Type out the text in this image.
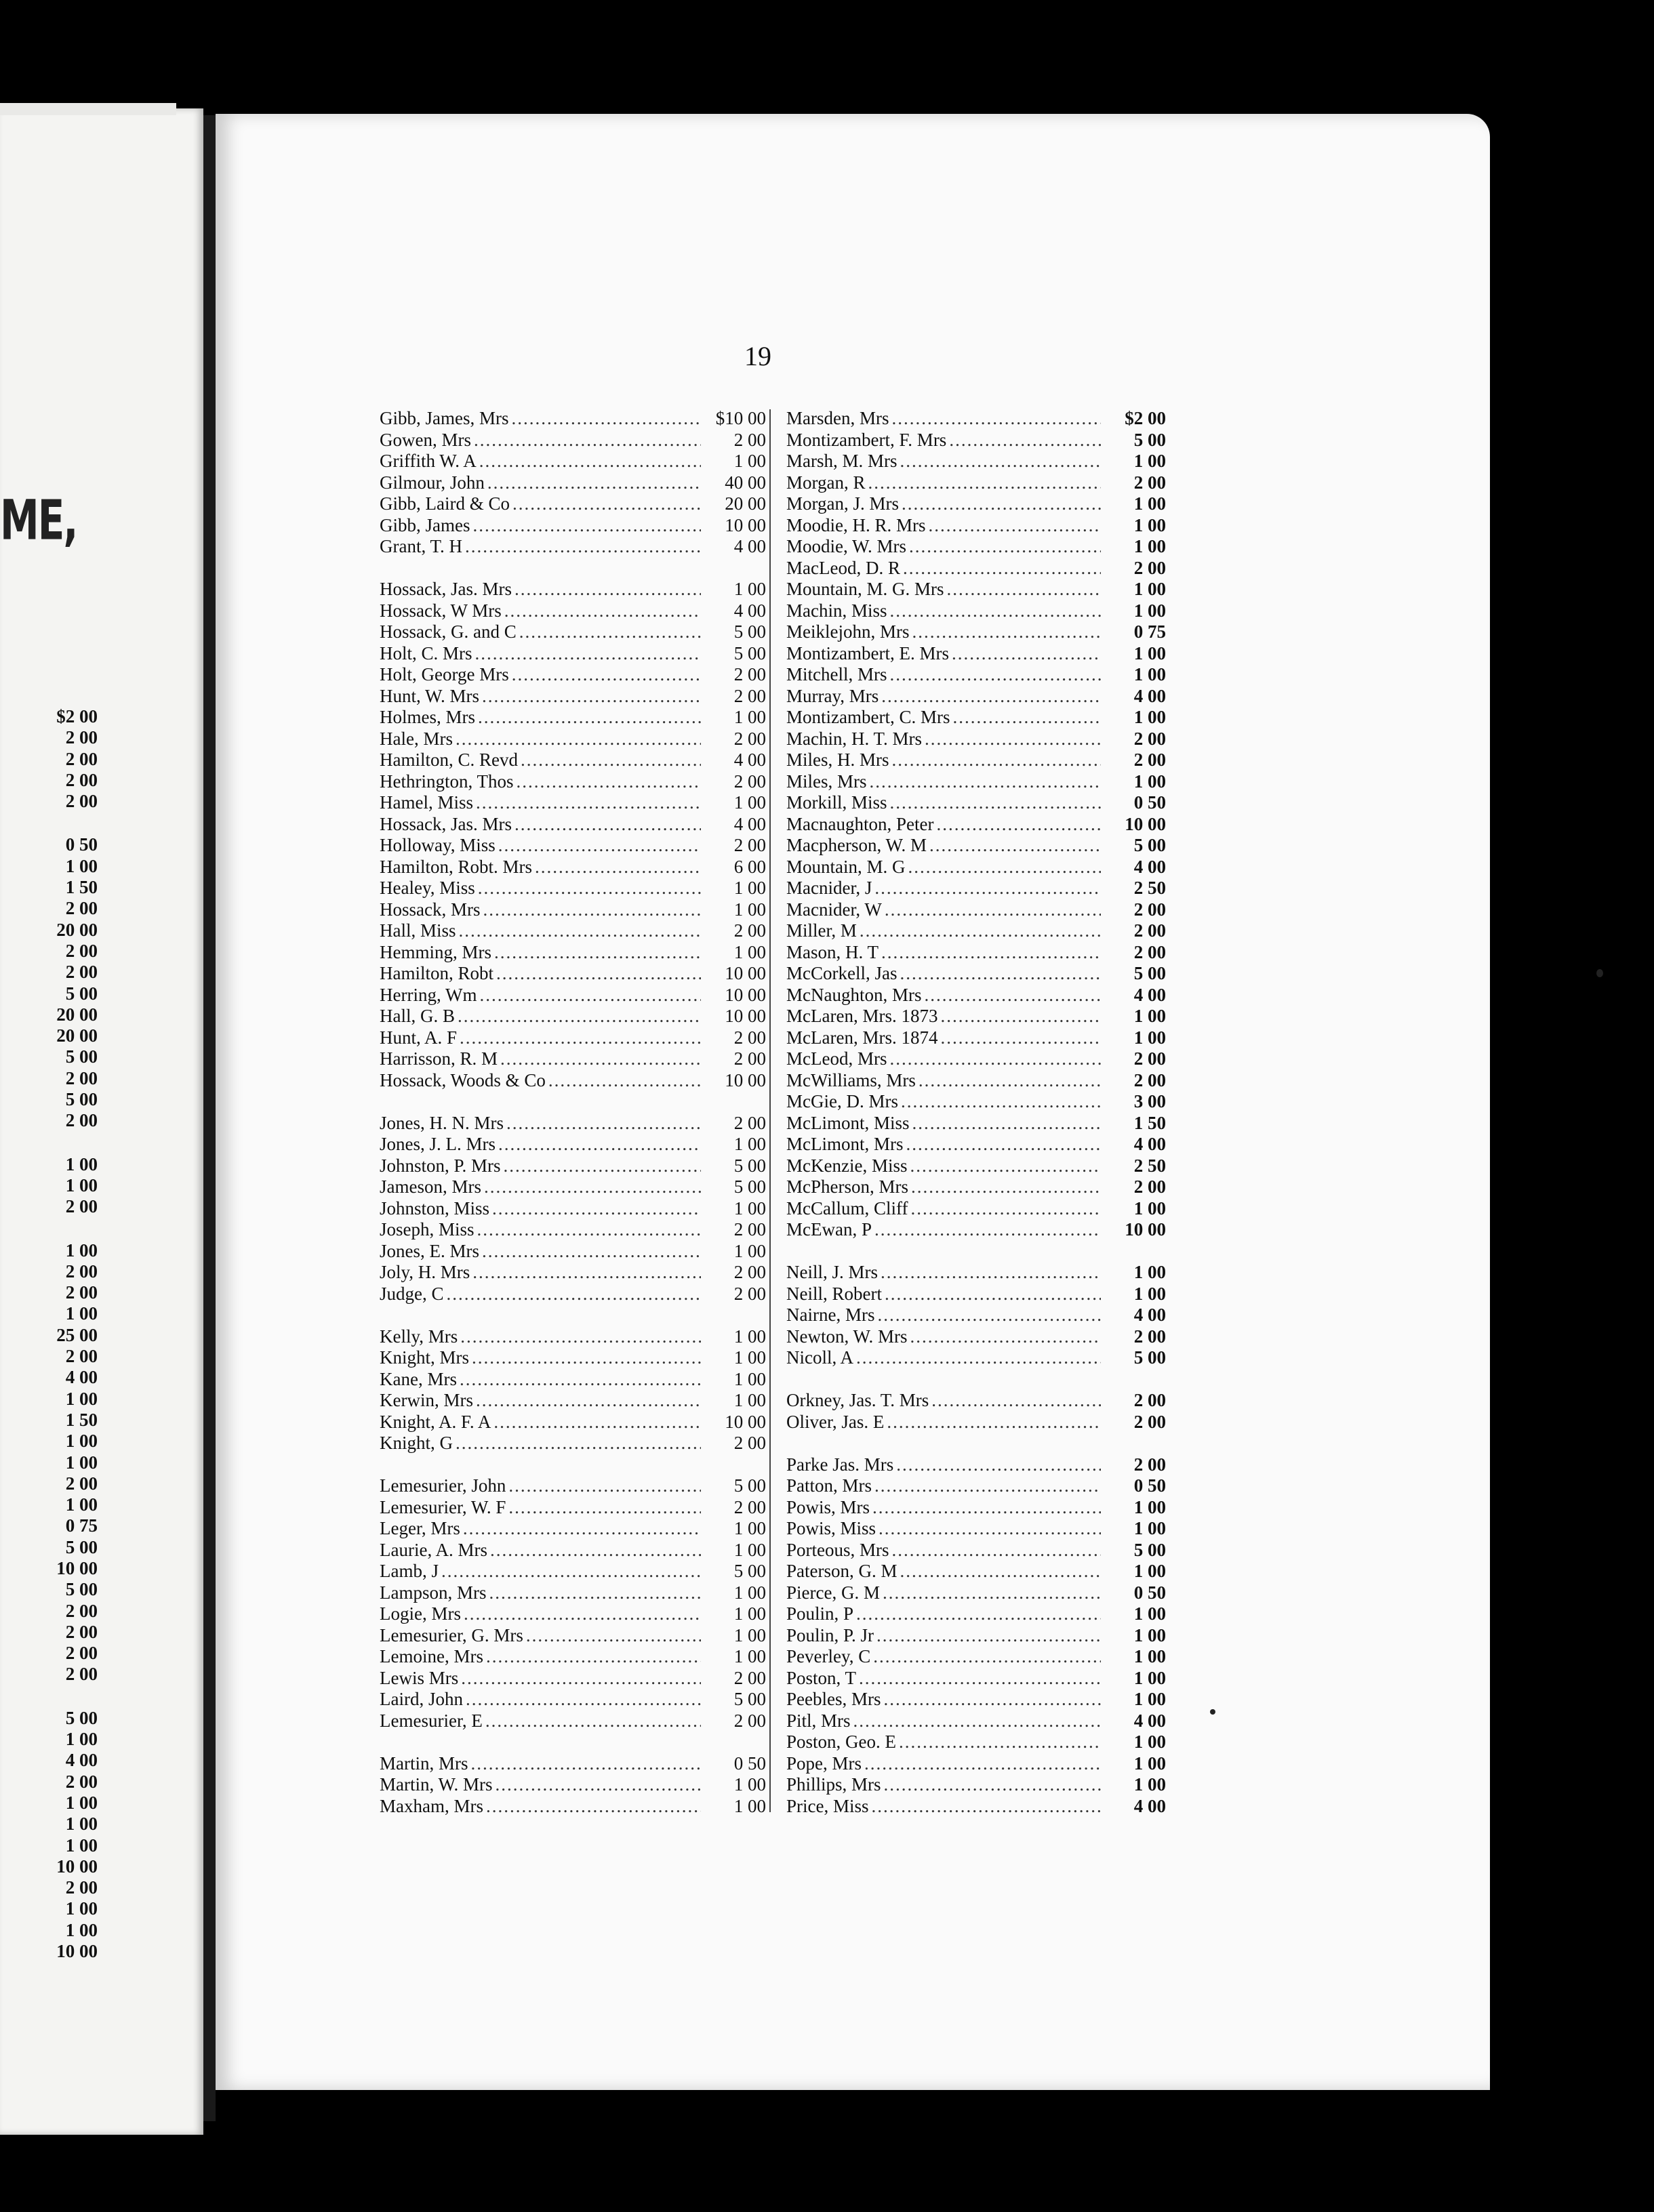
ME,
$2 00
2 00
2 00
2 00
2 00
0 50
1 00
1 50
2 00
20 00
2 00
2 00
5 00
20 00
20 00
5 00
2 00
5 00
2 00
1 00
1 00
2 00
1 00
2 00
2 00
1 00
25 00
2 00
4 00
1 00
1 50
1 00
1 00
2 00
1 00
0 75
5 00
10 00
5 00
2 00
2 00
2 00
2 00
5 00
1 00
4 00
2 00
1 00
1 00
1 00
10 00
2 00
1 00
1 00
10 00
19
Gibb, James, Mrs .....	$10 00
Gowen, Mrs .....	2 00
Griffith W. A .....	1 00
Gilmour, John .....	40 00
Gibb, Laird & Co .....	20 00
Gibb, James .....	10 00
Grant, T. H .....	4 00
Hossack, Jas. Mrs .....	1 00
Hossack, W Mrs .....	4 00
Hossack, G. and C .....	5 00
Holt, C. Mrs .....	5 00
Holt, George Mrs .....	2 00
Hunt, W. Mrs .....	2 00
Holmes, Mrs .....	1 00
Hale, Mrs .....	2 00
Hamilton, C. Revd .....	4 00
Hethrington, Thos .....	2 00
Hamel, Miss .....	1 00
Hossack, Jas. Mrs .....	4 00
Holloway, Miss .....	2 00
Hamilton, Robt. Mrs .....	6 00
Healey, Miss .....	1 00
Hossack, Mrs .....	1 00
Hall, Miss .....	2 00
Hemming, Mrs .....	1 00
Hamilton, Robt .....	10 00
Herring, Wm .....	10 00
Hall, G. B .....	10 00
Hunt, A. F .....	2 00
Harrisson, R. M .....	2 00
Hossack, Woods & Co .....	10 00
Jones, H. N. Mrs .....	2 00
Jones, J. L. Mrs .....	1 00
Johnston, P. Mrs .....	5 00
Jameson, Mrs .....	5 00
Johnston, Miss .....	1 00
Joseph, Miss .....	2 00
Jones, E. Mrs .....	1 00
Joly, H. Mrs .....	2 00
Judge, C .....	2 00
Kelly, Mrs .....	1 00
Knight, Mrs .....	1 00
Kane, Mrs .....	1 00
Kerwin, Mrs .....	1 00
Knight, A. F. A .....	10 00
Knight, G .....	2 00
Lemesurier, John .....	5 00
Lemesurier, W. F .....	2 00
Leger, Mrs .....	1 00
Laurie, A. Mrs .....	1 00
Lamb, J .....	5 00
Lampson, Mrs .....	1 00
Logie, Mrs .....	1 00
Lemesurier, G. Mrs .....	1 00
Lemoine, Mrs .....	1 00
Lewis Mrs .....	2 00
Laird, John .....	5 00
Lemesurier, E .....	2 00
Martin, Mrs .....	0 50
Martin, W. Mrs .....	1 00
Maxham, Mrs .....	1 00
Marsden, Mrs .....	$2 00
Montizambert, F. Mrs .....	5 00
Marsh, M. Mrs .....	1 00
Morgan, R .....	2 00
Morgan, J. Mrs .....	1 00
Moodie, H. R. Mrs .....	1 00
Moodie, W. Mrs .....	1 00
MacLeod, D. R .....	2 00
Mountain, M. G. Mrs .....	1 00
Machin, Miss .....	1 00
Meiklejohn, Mrs .....	0 75
Montizambert, E. Mrs .....	1 00
Mitchell, Mrs .....	1 00
Murray, Mrs .....	4 00
Montizambert, C. Mrs .....	1 00
Machin, H. T. Mrs .....	2 00
Miles, H. Mrs .....	2 00
Miles, Mrs .....	1 00
Morkill, Miss .....	0 50
Macnaughton, Peter .....	10 00
Macpherson, W. M .....	5 00
Mountain, M. G .....	4 00
Macnider, J .....	2 50
Macnider, W .....	2 00
Miller, M .....	2 00
Mason, H. T .....	2 00
McCorkell, Jas .....	5 00
McNaughton, Mrs .....	4 00
McLaren, Mrs. 1873 .....	1 00
McLaren, Mrs. 1874 .....	1 00
McLeod, Mrs .....	2 00
McWilliams, Mrs .....	2 00
McGie, D. Mrs .....	3 00
McLimont, Miss .....	1 50
McLimont, Mrs .....	4 00
McKenzie, Miss .....	2 50
McPherson, Mrs .....	2 00
McCallum, Cliff .....	1 00
McEwan, P .....	10 00
Neill, J. Mrs .....	1 00
Neill, Robert .....	1 00
Nairne, Mrs .....	4 00
Newton, W. Mrs .....	2 00
Nicoll, A .....	5 00
Orkney, Jas. T. Mrs .....	2 00
Oliver, Jas. E .....	2 00
Parke Jas. Mrs .....	2 00
Patton, Mrs .....	0 50
Powis, Mrs .....	1 00
Powis, Miss .....	1 00
Porteous, Mrs .....	5 00
Paterson, G. M .....	1 00
Pierce, G. M .....	0 50
Poulin, P .....	1 00
Poulin, P. Jr .....	1 00
Peverley, C .....	1 00
Poston, T .....	1 00
Peebles, Mrs .....	1 00
Pitl, Mrs .....	4 00
Poston, Geo. E .....	1 00
Pope, Mrs .....	1 00
Phillips, Mrs .....	1 00
Price, Miss .....	4 00
